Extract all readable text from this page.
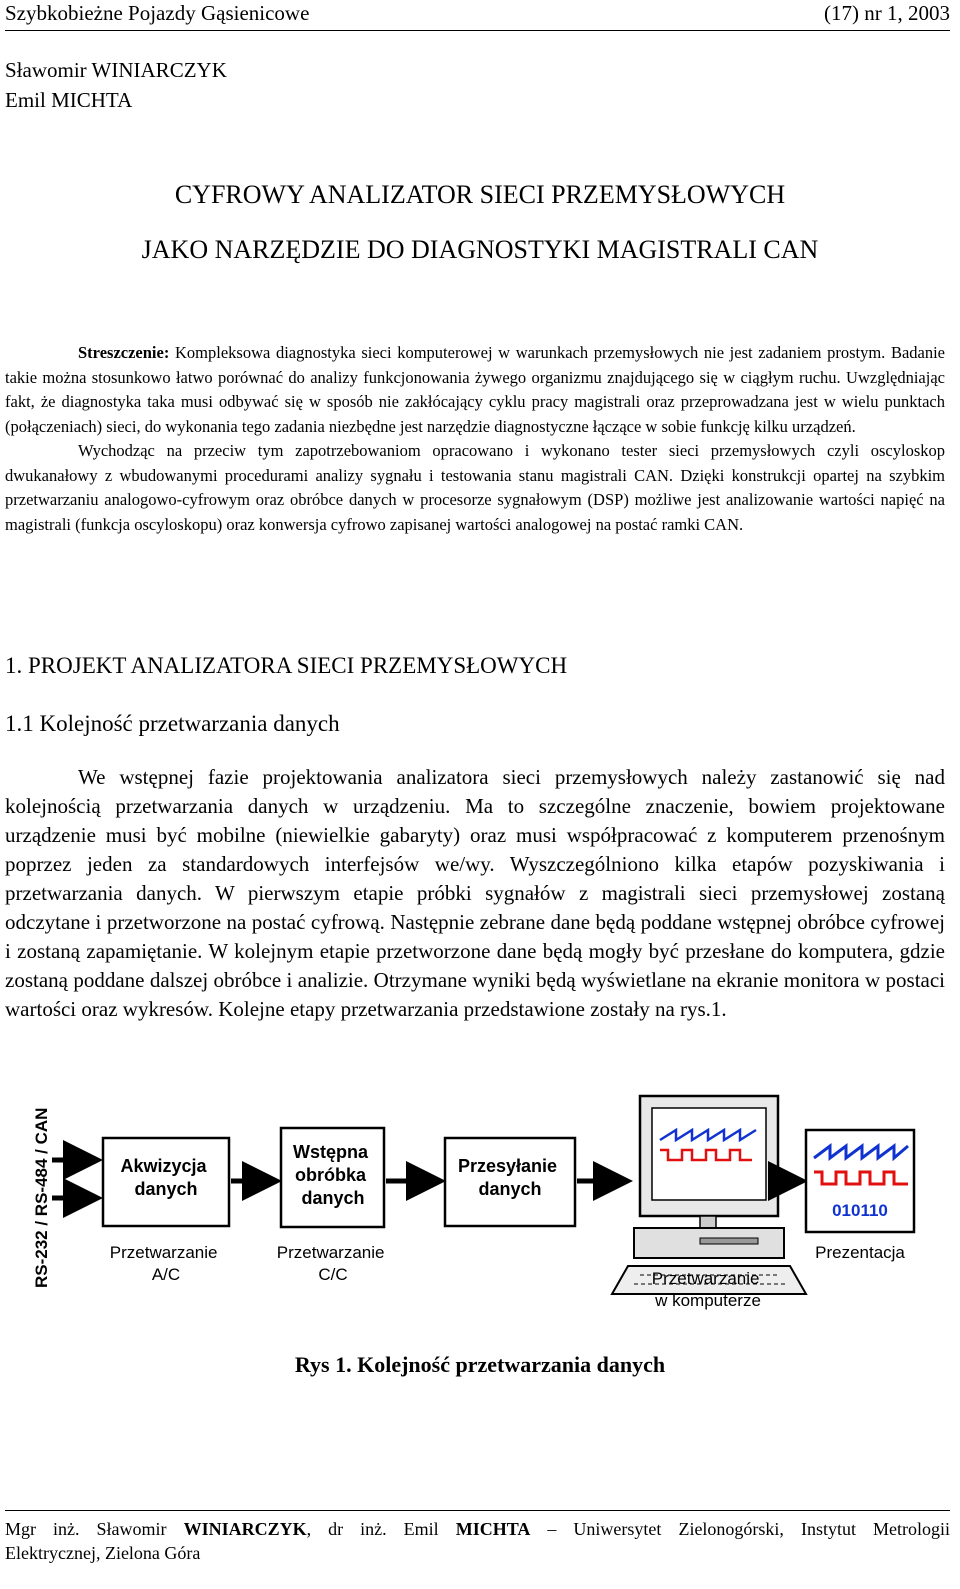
Szybkobieżne Pojazdy Gąsienicowe	(17) nr 1, 2003
Sławomir WINIARCZYK
Emil MICHTA
CYFROWY ANALIZATOR SIECI PRZEMYSŁOWYCH
JAKO NARZĘDZIE DO DIAGNOSTYKI MAGISTRALI CAN

Streszczenie: Kompleksowa diagnostyka sieci komputerowej w warunkach przemysłowych nie jest zadaniem prostym. Badanie takie można stosunkowo łatwo porównać do analizy funkcjonowania żywego organizmu znajdującego się w ciągłym ruchu. Uwzględniając fakt, że diagnostyka taka musi odbywać się w sposób nie zakłócający cyklu pracy magistrali oraz przeprowadzana jest w wielu punktach (połączeniach) sieci, do wykonania tego zadania niezbędne jest narzędzie diagnostyczne łączące w sobie funkcję kilku urządzeń.

Wychodząc na przeciw tym zapotrzebowaniom opracowano i wykonano tester sieci przemysłowych czyli oscyloskop dwukanałowy z wbudowanymi procedurami analizy sygnału i testowania stanu magistrali CAN. Dzięki konstrukcji opartej na szybkim przetwarzaniu analogowo-cyfrowym oraz obróbce danych w procesorze sygnałowym (DSP) możliwe jest analizowanie wartości napięć na magistrali (funkcja oscyloskopu) oraz konwersja cyfrowo zapisanej wartości analogowej na postać ramki CAN.

1. PROJEKT ANALIZATORA SIECI PRZEMYSŁOWYCH
1.1 Kolejność przetwarzania danych

We wstępnej fazie projektowania analizatora sieci przemysłowych należy zastanowić się nad kolejnością przetwarzania danych w urządzeniu. Ma to szczególne znaczenie, bowiem projektowane urządzenie musi być mobilne (niewielkie gabaryty) oraz musi współpracować z komputerem przenośnym poprzez jeden za standardowych interfejsów we/wy. Wyszczególniono kilka etapów pozyskiwania i przetwarzania danych. W pierwszym etapie próbki sygnałów z magistrali sieci przemysłowej zostaną odczytane i przetworzone na postać cyfrową. Następnie zebrane dane będą poddane wstępnej obróbce cyfrowej i zostaną zapamiętanie. W kolejnym etapie przetworzone dane będą mogły być przesłane do komputera, gdzie zostaną poddane dalszej obróbce i analizie. Otrzymane wyniki będą wyświetlane na ekranie monitora w postaci wartości oraz wykresów. Kolejne etapy przetwarzania przedstawione zostały na rys.1.

RS-232 / RS-484 / CAN	Akwizycja danych
Wstępna obróbka danych
Przesyłanie danych
010110
Przetwarzanie A/C
Przetwarzanie C/C	Przetwarzanie w komputerze
Prezentacja
Rys 1. Kolejność przetwarzania danych
Mgr inż. Sławomir WINIARCZYK, dr inż. Emil MICHTA – Uniwersytet Zielonogórski, Instytut Metrologii
Elektrycznej, Zielona Góra
